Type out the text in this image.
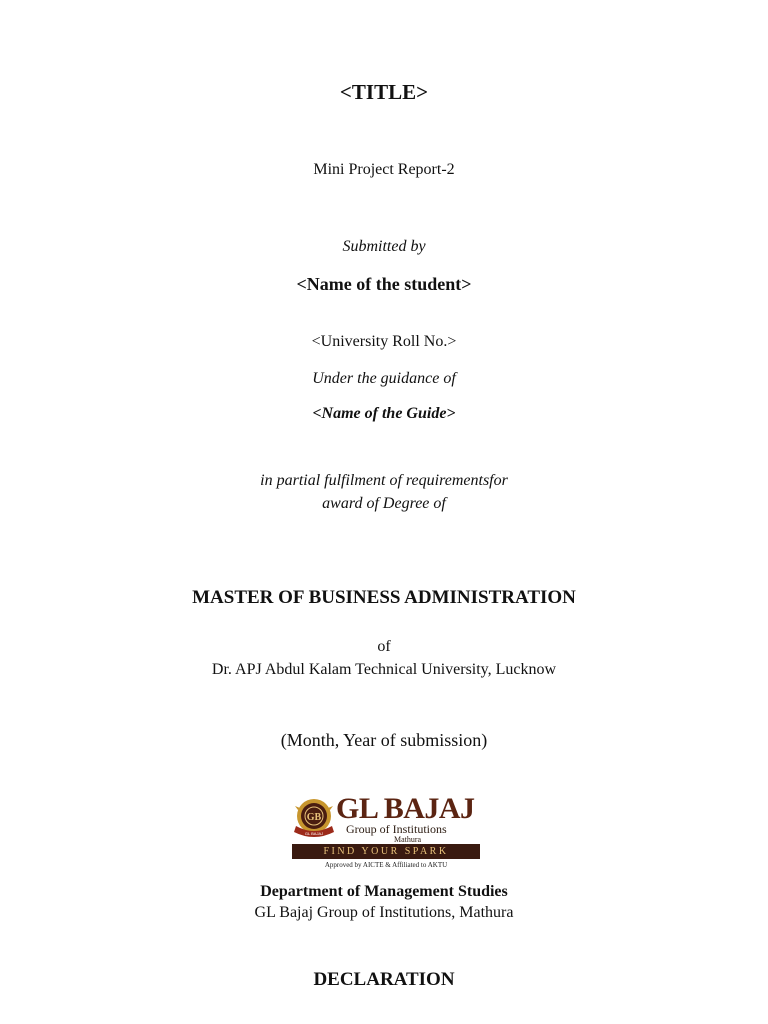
<TITLE>
Mini Project Report-2
Submitted by
<Name of the student>
<University Roll No.>
Under the guidance of
<Name of the Guide>
in partial fulfilment of requirementsfor
award of Degree of
MASTER OF BUSINESS ADMINISTRATION
of
Dr. APJ Abdul Kalam Technical University, Lucknow
(Month, Year of submission)
GB
GL BAJAJ
GL BAJAJ
Group of Institutions
Mathura
FIND YOUR SPARK
Approved by AICTE & Affiliated to AKTU
Department of Management Studies
GL Bajaj Group of Institutions, Mathura
DECLARATION
